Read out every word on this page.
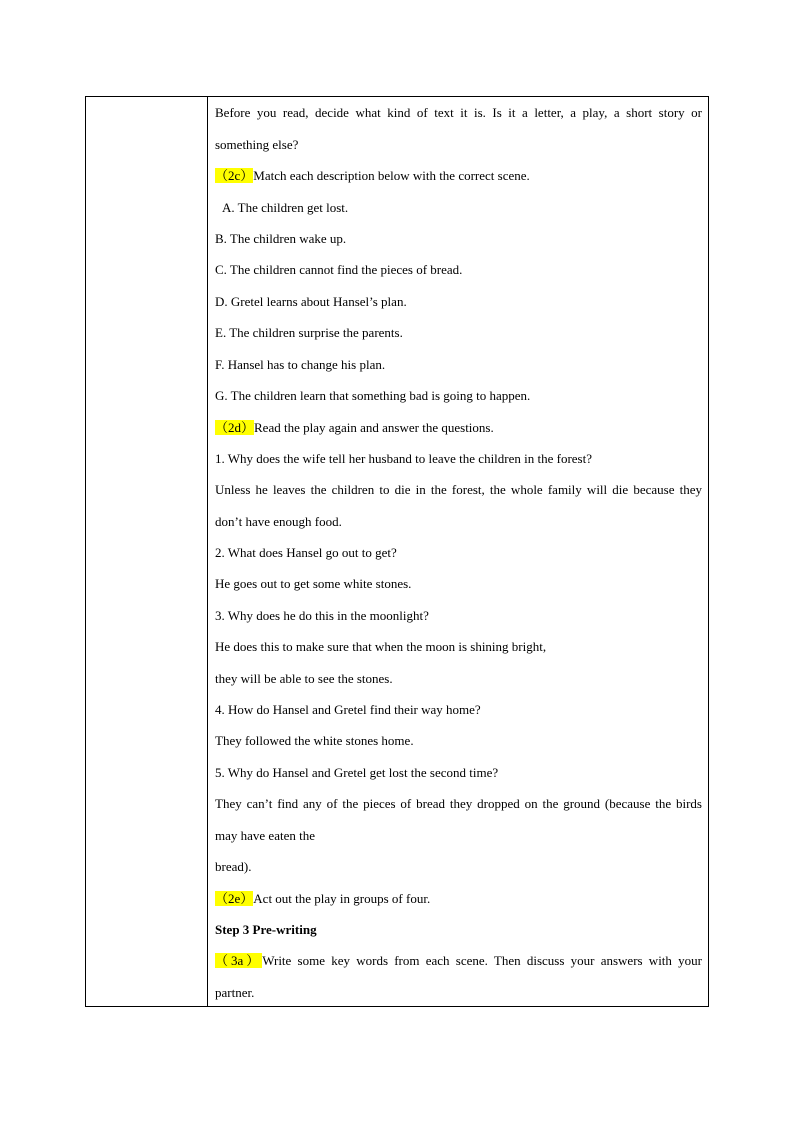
Before you read, decide what kind of text it is. Is it a letter, a play, a short story or
something else?
（2c）Match each description below with the correct scene.
A. The children get lost.
B. The children wake up.
C. The children cannot find the pieces of bread.
D. Gretel learns about Hansel’s plan.
E. The children surprise the parents.
F. Hansel has to change his plan.
G. The children learn that something bad is going to happen.
（2d）Read the play again and answer the questions.
1. Why does the wife tell her husband to leave the children in the forest?
Unless he leaves the children to die in the forest, the whole family will die because they
don’t have enough food.
2. What does Hansel go out to get?
He goes out to get some white stones.
3. Why does he do this in the moonlight?
He does this to make sure that when the moon is shining bright,
they will be able to see the stones.
4. How do Hansel and Gretel find their way home?
They followed the white stones home.
5. Why do Hansel and Gretel get lost the second time?
They can’t find any of the pieces of bread they dropped on the ground (because the birds
may have eaten the
bread).
（2e）Act out the play in groups of four.
Step 3 Pre-writing
（3a）Write some key words from each scene. Then discuss your answers with your
partner.
